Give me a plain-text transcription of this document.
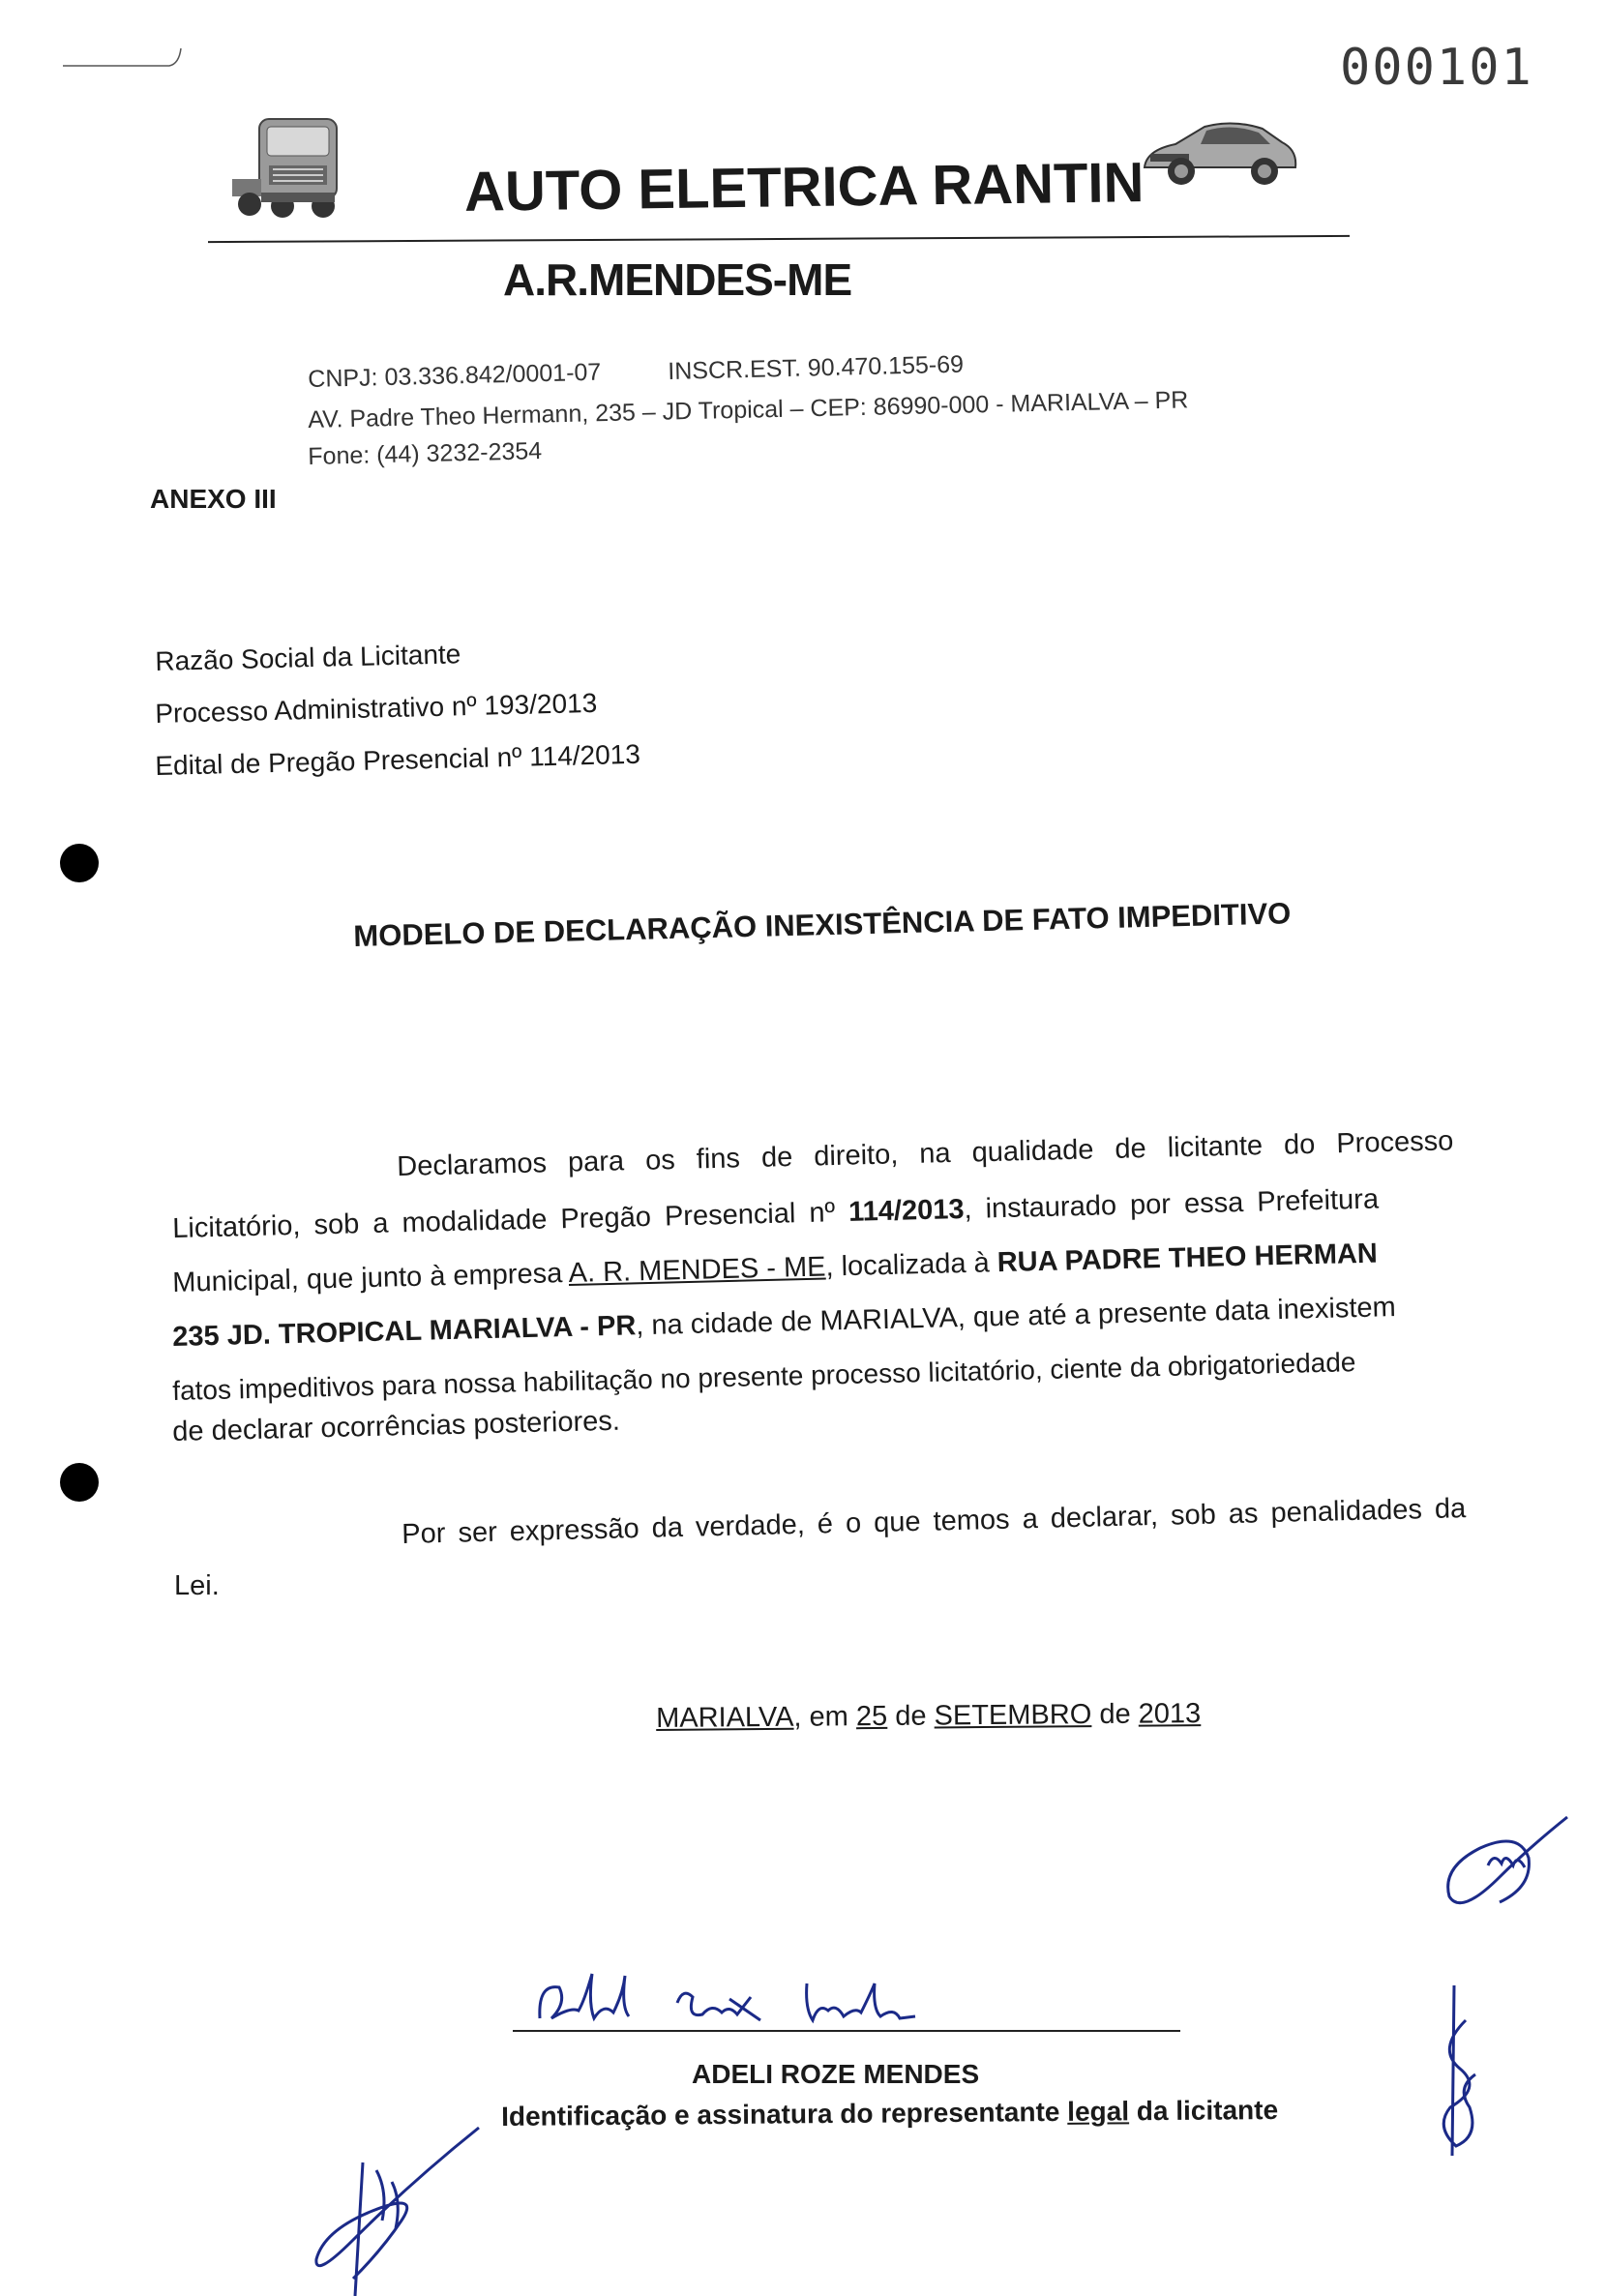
000101
AUTO ELETRICA RANTIN
A.R.MENDES-ME
CNPJ: 03.336.842/0001-07	INSCR.EST. 90.470.155-69
AV. Padre Theo Hermann, 235 – JD Tropical – CEP: 86990-000 - MARIALVA – PR
Fone: (44) 3232-2354
ANEXO III
Razão Social da Licitante
Processo Administrativo nº 193/2013
Edital de Pregão Presencial nº 114/2013
MODELO DE DECLARAÇÃO INEXISTÊNCIA DE FATO IMPEDITIVO
Declaramos para os fins de direito, na qualidade de licitante do Processo
Licitatório, sob a modalidade Pregão Presencial nº 114/2013, instaurado por essa Prefeitura
Municipal, que junto à empresa A. R. MENDES - ME, localizada à RUA PADRE THEO HERMAN
235 JD. TROPICAL MARIALVA - PR, na cidade de MARIALVA, que até a presente data inexistem
fatos impeditivos para nossa habilitação no presente processo licitatório, ciente da obrigatoriedade
de declarar ocorrências posteriores.
Por ser expressão da verdade, é o que temos a declarar, sob as penalidades da
Lei.
MARIALVA, em 25 de SETEMBRO de 2013
ADELI ROZE MENDES
Identificação e assinatura do representante legal da licitante
